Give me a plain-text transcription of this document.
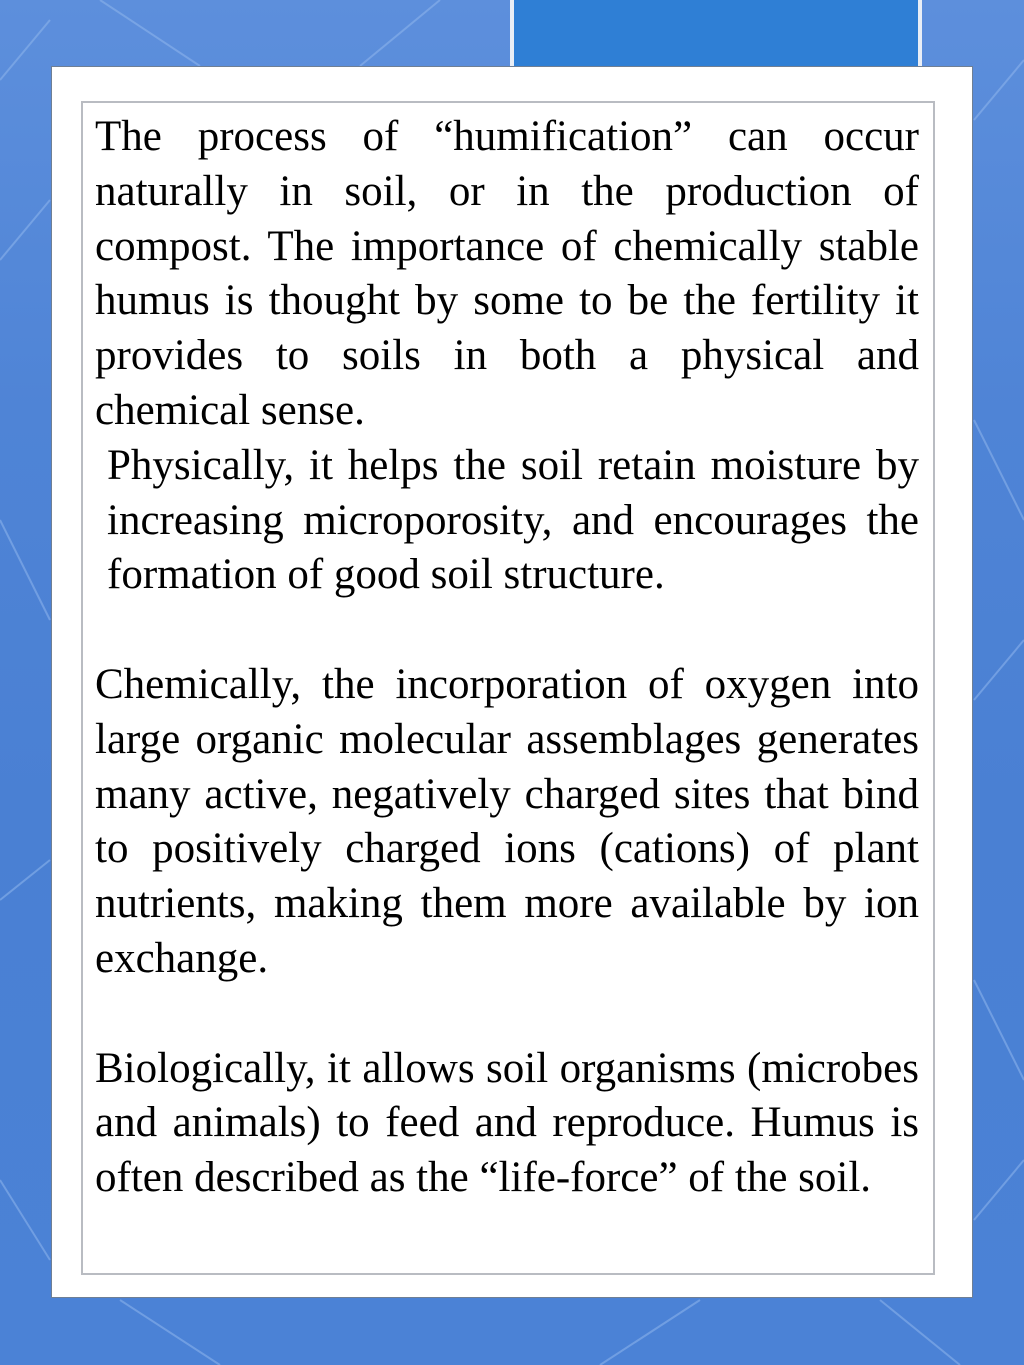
The process of “humification” can occur naturally in soil, or in the production of compost. The importance of chemically stable humus is thought by some to be the fertility it provides to soils in both a physical and chemical sense.

Physically, it helps the soil retain moisture by increasing microporosity, and encourages the formation of good soil structure.

Chemically, the incorporation of oxygen into large organic molecular assemblages generates many active, negatively charged sites that bind to positively charged ions (cations) of plant nutrients, making them more available by ion exchange.

Biologically, it allows soil organisms (microbes and animals) to feed and reproduce. Humus is often described as the “life-force” of the soil.
